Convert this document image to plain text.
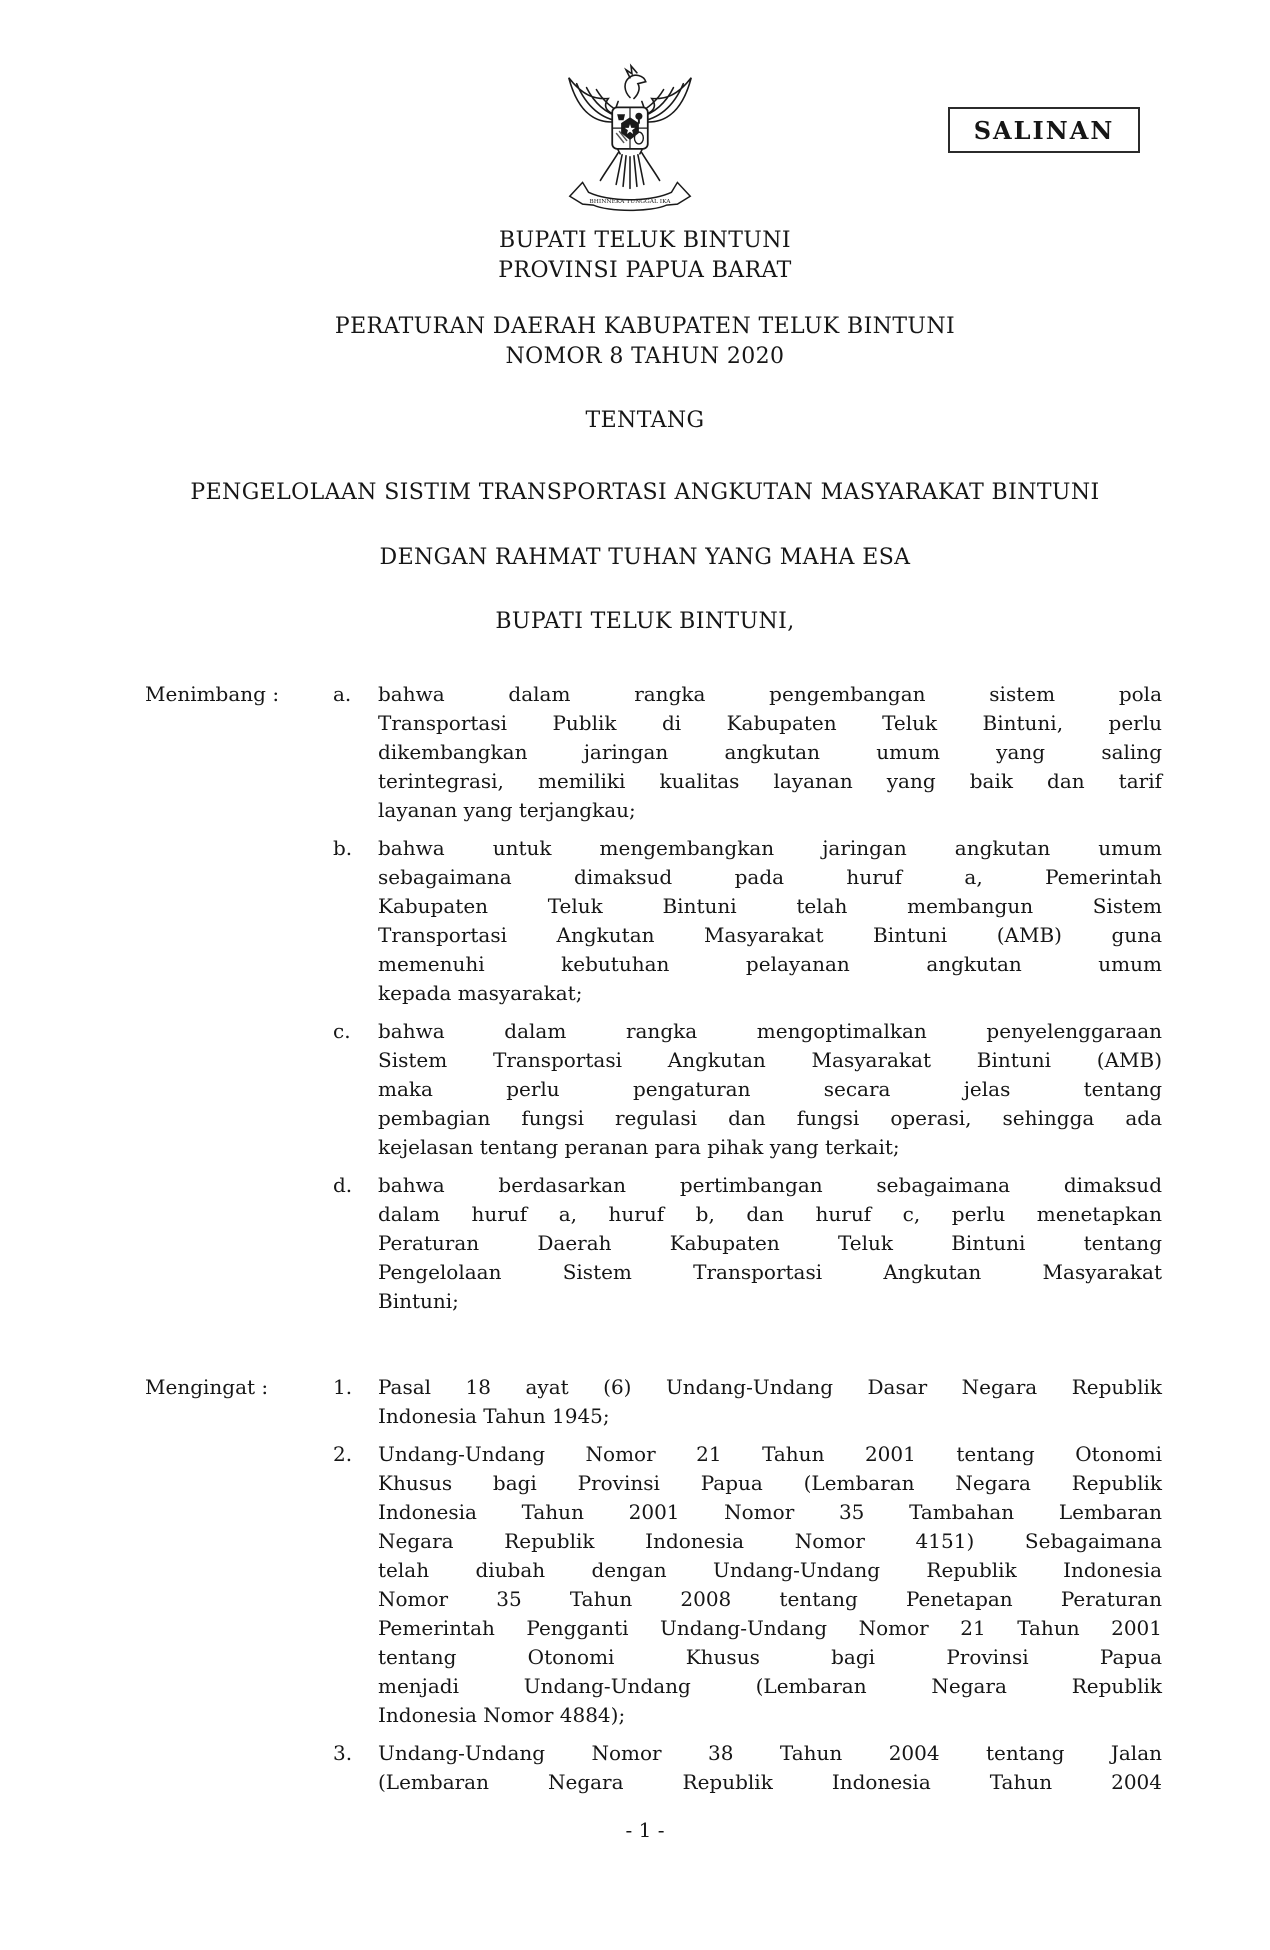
BHINNEKA TUNGGAL IKA
SALINAN
BUPATI TELUK BINTUNI
PROVINSI PAPUA BARAT
PERATURAN DAERAH KABUPATEN TELUK BINTUNI
NOMOR 8 TAHUN 2020
TENTANG
PENGELOLAAN SISTIM TRANSPORTASI ANGKUTAN MASYARAKAT BINTUNI
DENGAN RAHMAT TUHAN YANG MAHA ESA
BUPATI TELUK BINTUNI,
Menimbang :	a.	bahwa dalam rangka pengembangan sistem pola
Transportasi Publik di Kabupaten Teluk Bintuni, perlu
dikembangkan jaringan angkutan umum yang saling
terintegrasi, memiliki kualitas layanan yang baik dan tarif
layanan yang terjangkau;
b.	bahwa untuk mengembangkan jaringan angkutan umum
sebagaimana dimaksud pada huruf a, Pemerintah
Kabupaten Teluk Bintuni telah membangun Sistem
Transportasi Angkutan Masyarakat Bintuni (AMB) guna
memenuhi kebutuhan pelayanan angkutan umum
kepada masyarakat;
c.	bahwa dalam rangka mengoptimalkan penyelenggaraan
Sistem Transportasi Angkutan Masyarakat Bintuni (AMB)
maka perlu pengaturan secara jelas tentang
pembagian fungsi regulasi dan fungsi operasi, sehingga ada
kejelasan tentang peranan para pihak yang terkait;
d.	bahwa berdasarkan pertimbangan sebagaimana dimaksud
dalam huruf a, huruf b, dan huruf c, perlu menetapkan
Peraturan Daerah Kabupaten Teluk Bintuni tentang
Pengelolaan Sistem Transportasi Angkutan Masyarakat
Bintuni;
Mengingat :	1.	Pasal 18 ayat (6) Undang-Undang Dasar Negara Republik
Indonesia Tahun 1945;
2.	Undang-Undang Nomor 21 Tahun 2001 tentang Otonomi
Khusus bagi Provinsi Papua (Lembaran Negara Republik
Indonesia Tahun 2001 Nomor 35 Tambahan Lembaran
Negara Republik Indonesia Nomor 4151) Sebagaimana
telah diubah dengan Undang-Undang Republik Indonesia
Nomor 35 Tahun 2008 tentang Penetapan Peraturan
Pemerintah Pengganti Undang-Undang Nomor 21 Tahun 2001
tentang Otonomi Khusus bagi Provinsi Papua
menjadi Undang-Undang (Lembaran Negara Republik
Indonesia Nomor 4884);
3.	Undang-Undang Nomor 38 Tahun 2004 tentang Jalan
(Lembaran Negara Republik Indonesia Tahun 2004
- 1 -
